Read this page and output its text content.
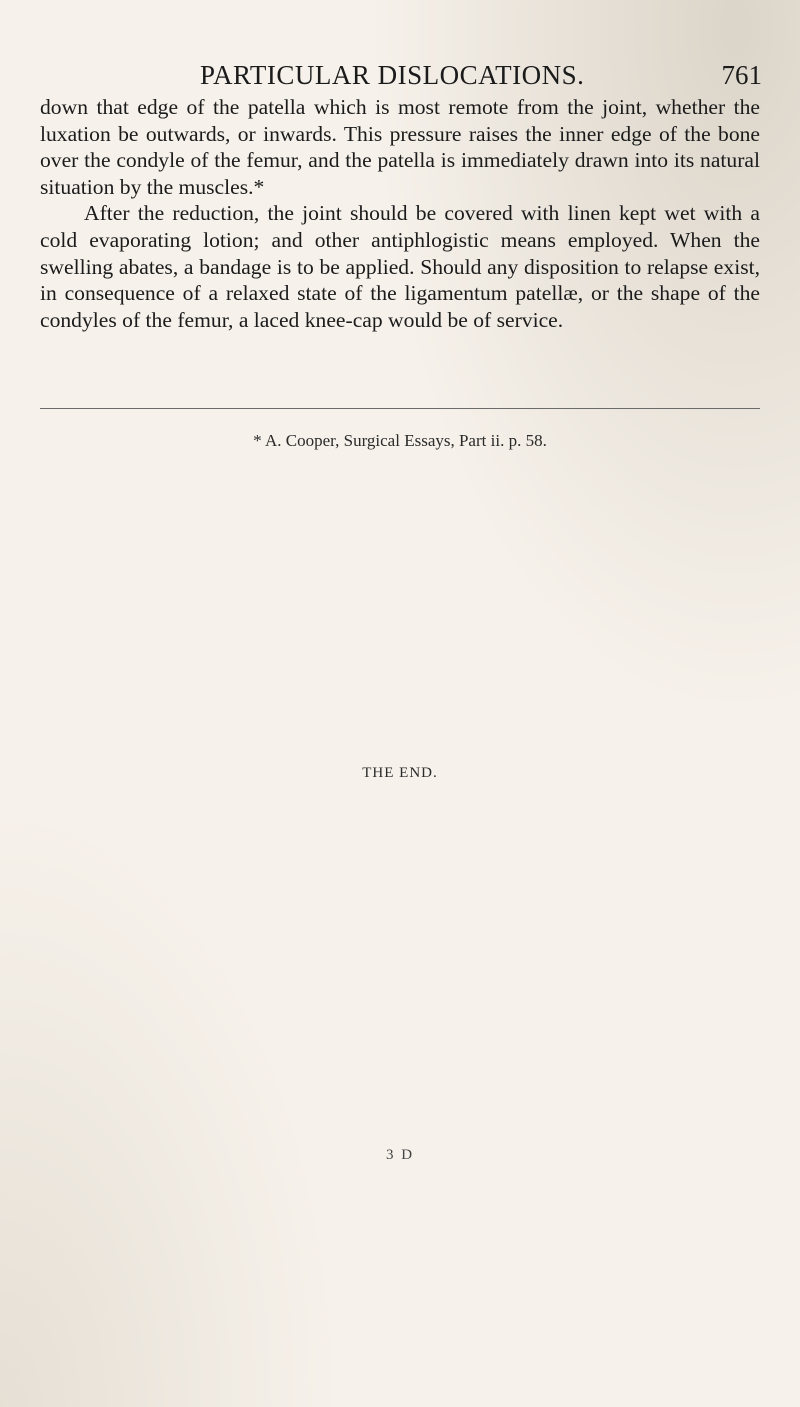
PARTICULAR DISLOCATIONS.	761

down that edge of the patella which is most remote from the joint, whether the luxation be outwards, or inwards. This pressure raises the inner edge of the bone over the condyle of the femur, and the patella is immediately drawn into its natural situation by the muscles.*

After the reduction, the joint should be covered with linen kept wet with a cold evaporating lotion; and other antiphlogistic means employed. When the swelling abates, a bandage is to be applied. Should any disposition to relapse exist, in consequence of a relaxed state of the ligamentum patellæ, or the shape of the condyles of the femur, a laced knee-cap would be of service.

* A. Cooper, Surgical Essays, Part ii. p. 58.
THE END.
3 D
